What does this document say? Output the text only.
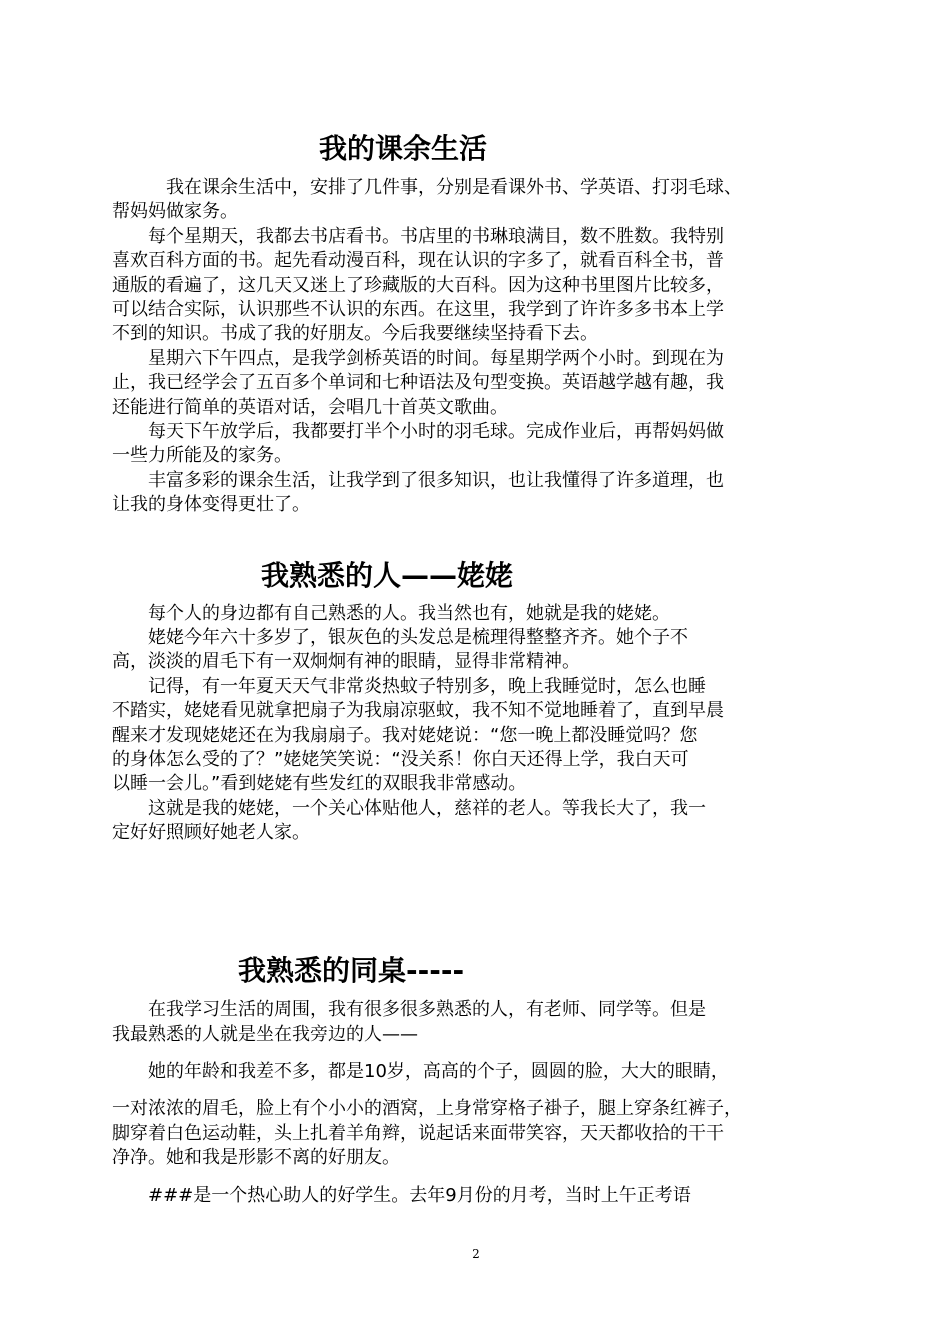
我的课余生活

　　　我在课余生活中，安排了几件事，分别是看课外书、学英语、打羽毛球、

帮妈妈做家务。

　　每个星期天，我都去书店看书。书店里的书琳琅满目，数不胜数。我特别

喜欢百科方面的书。起先看动漫百科，现在认识的字多了，就看百科全书，普

通版的看遍了，这几天又迷上了珍藏版的大百科。因为这种书里图片比较多，

可以结合实际，认识那些不认识的东西。在这里，我学到了许许多多书本上学

不到的知识。书成了我的好朋友。今后我要继续坚持看下去。

　　星期六下午四点，是我学剑桥英语的时间。每星期学两个小时。到现在为

止，我已经学会了五百多个单词和七种语法及句型变换。英语越学越有趣，我

还能进行简单的英语对话，会唱几十首英文歌曲。

　　每天下午放学后，我都要打半个小时的羽毛球。完成作业后，再帮妈妈做

一些力所能及的家务。

　　丰富多彩的课余生活，让我学到了很多知识，也让我懂得了许多道理，也

让我的身体变得更壮了。

我熟悉的人——姥姥

　　每个人的身边都有自己熟悉的人。我当然也有，她就是我的姥姥。

　　姥姥今年六十多岁了，银灰色的头发总是梳理得整整齐齐。她个子不

高，淡淡的眉毛下有一双炯炯有神的眼睛，显得非常精神。

　　记得，有一年夏天天气非常炎热蚊子特别多，晚上我睡觉时，怎么也睡

不踏实，姥姥看见就拿把扇子为我扇凉驱蚊，我不知不觉地睡着了，直到早晨

醒来才发现姥姥还在为我扇扇子。我对姥姥说：“您一晚上都没睡觉吗？您

的身体怎么受的了？”姥姥笑笑说：“没关系！你白天还得上学，我白天可

以睡一会儿。”看到姥姥有些发红的双眼我非常感动。

　　这就是我的姥姥，一个关心体贴他人，慈祥的老人。等我长大了，我一

定好好照顾好她老人家。

我熟悉的同桌-----

　　在我学习生活的周围，我有很多很多熟悉的人，有老师、同学等。但是

我最熟悉的人就是坐在我旁边的人——

　　她的年龄和我差不多，都是10岁，高高的个子，圆圆的脸，大大的眼睛，

一对浓浓的眉毛，脸上有个小小的酒窝，上身常穿格子褂子，腿上穿条红裤子，

脚穿着白色运动鞋，头上扎着羊角辫，说起话来面带笑容，天天都收拾的干干

净净。她和我是形影不离的好朋友。

　　###是一个热心助人的好学生。去年9月份的月考，当时上午正考语

2
